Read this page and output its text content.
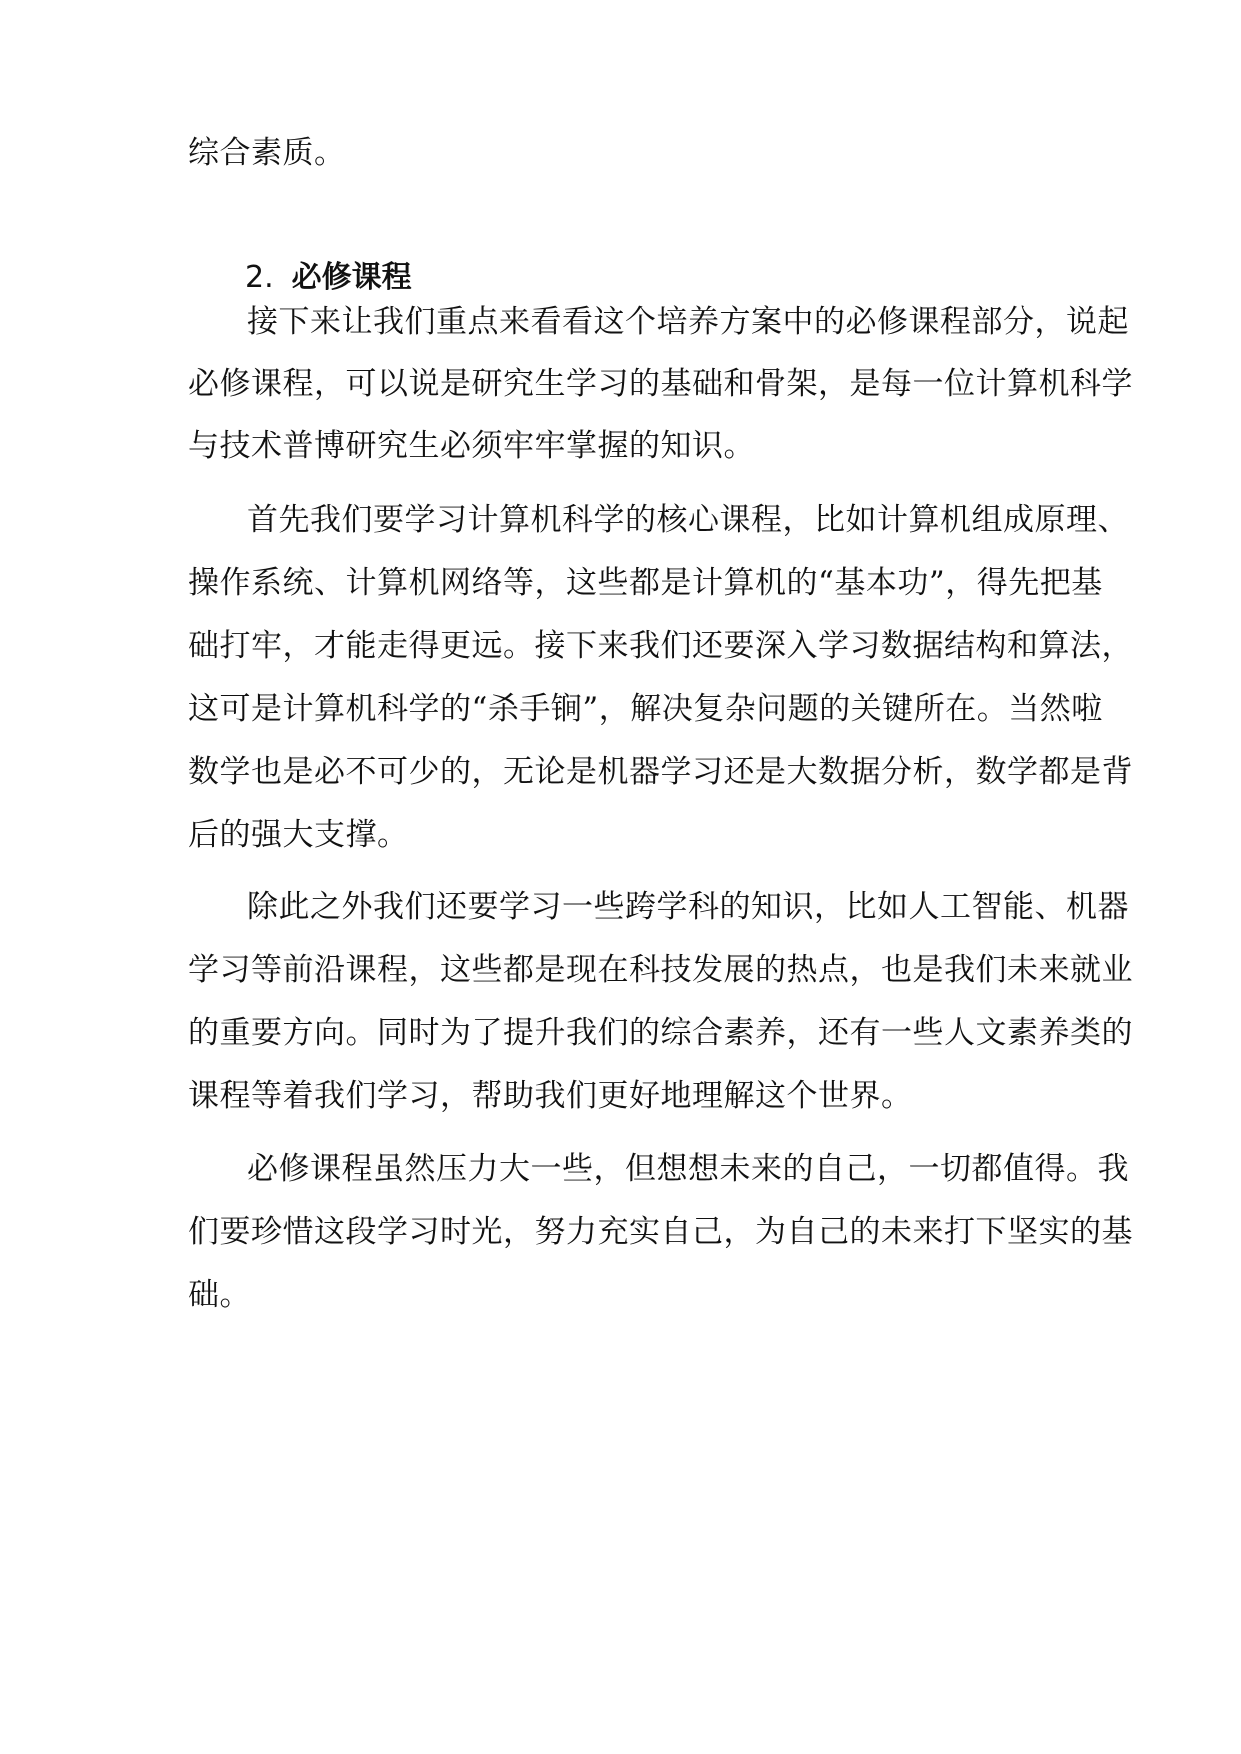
综合素质。
2. 必修课程
接下来让我们重点来看看这个培养方案中的必修课程部分，说起
必修课程，可以说是研究生学习的基础和骨架，是每一位计算机科学
与技术普博研究生必须牢牢掌握的知识。
首先我们要学习计算机科学的核心课程，比如计算机组成原理、
操作系统、计算机网络等，这些都是计算机的“基本功”，得先把基
础打牢，才能走得更远。接下来我们还要深入学习数据结构和算法，
这可是计算机科学的“杀手锏”，解决复杂问题的关键所在。当然啦
数学也是必不可少的，无论是机器学习还是大数据分析，数学都是背
后的强大支撑。
除此之外我们还要学习一些跨学科的知识，比如人工智能、机器
学习等前沿课程，这些都是现在科技发展的热点，也是我们未来就业
的重要方向。同时为了提升我们的综合素养，还有一些人文素养类的
课程等着我们学习，帮助我们更好地理解这个世界。
必修课程虽然压力大一些，但想想未来的自己，一切都值得。我
们要珍惜这段学习时光，努力充实自己，为自己的未来打下坚实的基
础。
